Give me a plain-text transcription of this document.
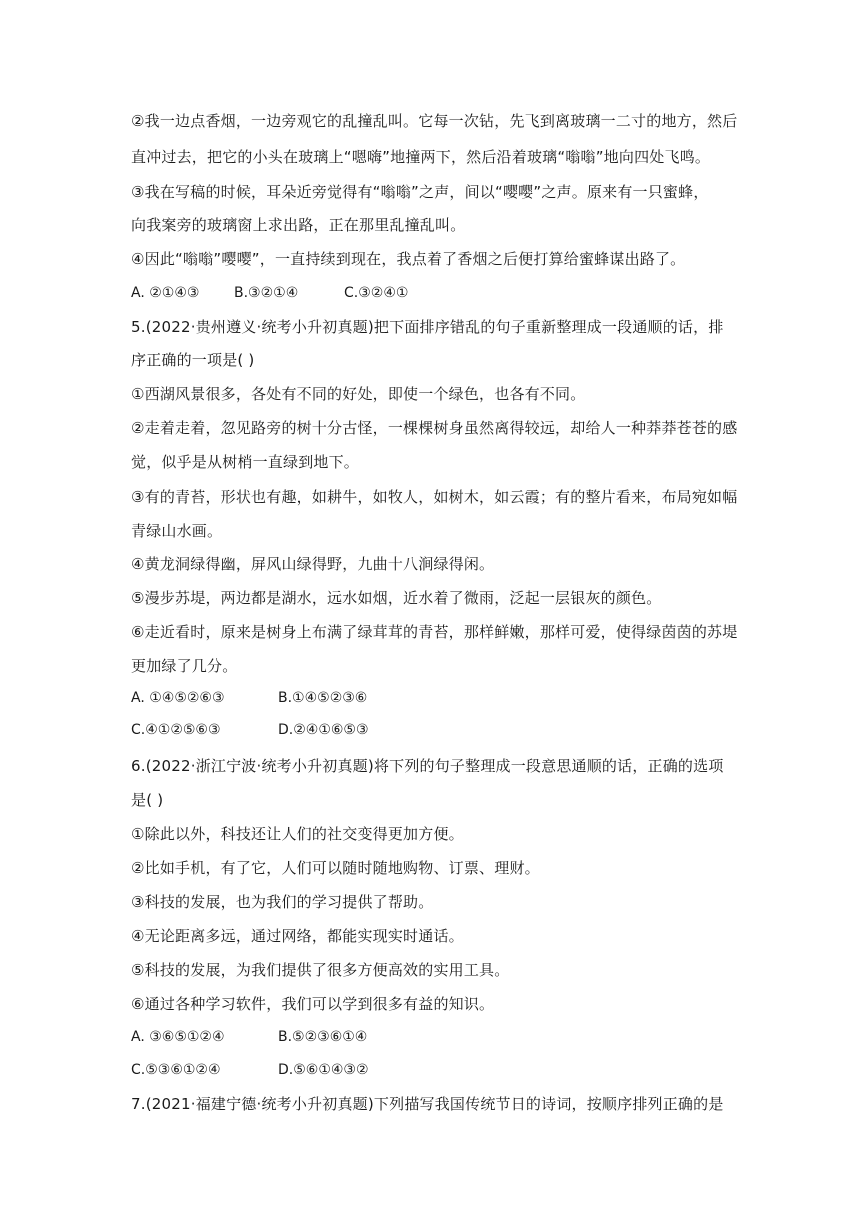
②我一边点香烟，一边旁观它的乱撞乱叫。它每一次钻，先飞到离玻璃一二寸的地方，然后
直冲过去，把它的小头在玻璃上“嗯嗨”地撞两下，然后沿着玻璃“嗡嗡”地向四处飞鸣。
③我在写稿的时候，耳朵近旁觉得有“嗡嗡”之声，间以“嘤嘤”之声。原来有一只蜜蜂，
向我案旁的玻璃窗上求出路，正在那里乱撞乱叫。
④因此“嗡嗡”嘤嘤”，一直持续到现在，我点着了香烟之后便打算给蜜蜂谋出路了。
A. ②①④③ B.③②①④	C.③②④①
5.(2022·贵州遵义·统考小升初真题)把下面排序错乱的句子重新整理成一段通顺的话，排
序正确的一项是( )
①西湖风景很多，各处有不同的好处，即使一个绿色，也各有不同。
②走着走着，忽见路旁的树十分古怪，一棵棵树身虽然离得较远，却给人一种莽莽苍苍的感
觉，似乎是从树梢一直绿到地下。
③有的青苔，形状也有趣，如耕牛，如牧人，如树木，如云霞；有的整片看来，布局宛如幅
青绿山水画。
④黄龙洞绿得幽，屏风山绿得野，九曲十八涧绿得闲。
⑤漫步苏堤，两边都是湖水，远水如烟，近水着了微雨，泛起一层银灰的颜色。
⑥走近看时，原来是树身上布满了绿茸茸的青苔，那样鲜嫩，那样可爱，使得绿茵茵的苏堤
更加绿了几分。
A. ①④⑤②⑥③	B.①④⑤②③⑥
C.④①②⑤⑥③	D.②④①⑥⑤③
6.(2022·浙江宁波·统考小升初真题)将下列的句子整理成一段意思通顺的话，正确的选项
是( )
①除此以外，科技还让人们的社交变得更加方便。
②比如手机，有了它，人们可以随时随地购物、订票、理财。
③科技的发展，也为我们的学习提供了帮助。
④无论距离多远，通过网络，都能实现实时通话。
⑤科技的发展，为我们提供了很多方便高效的实用工具。
⑥通过各种学习软件，我们可以学到很多有益的知识。
A. ③⑥⑤①②④	B.⑤②③⑥①④
C.⑤③⑥①②④	D.⑤⑥①④③②
7.(2021·福建宁德·统考小升初真题)下列描写我国传统节日的诗词，按顺序排列正确的是
